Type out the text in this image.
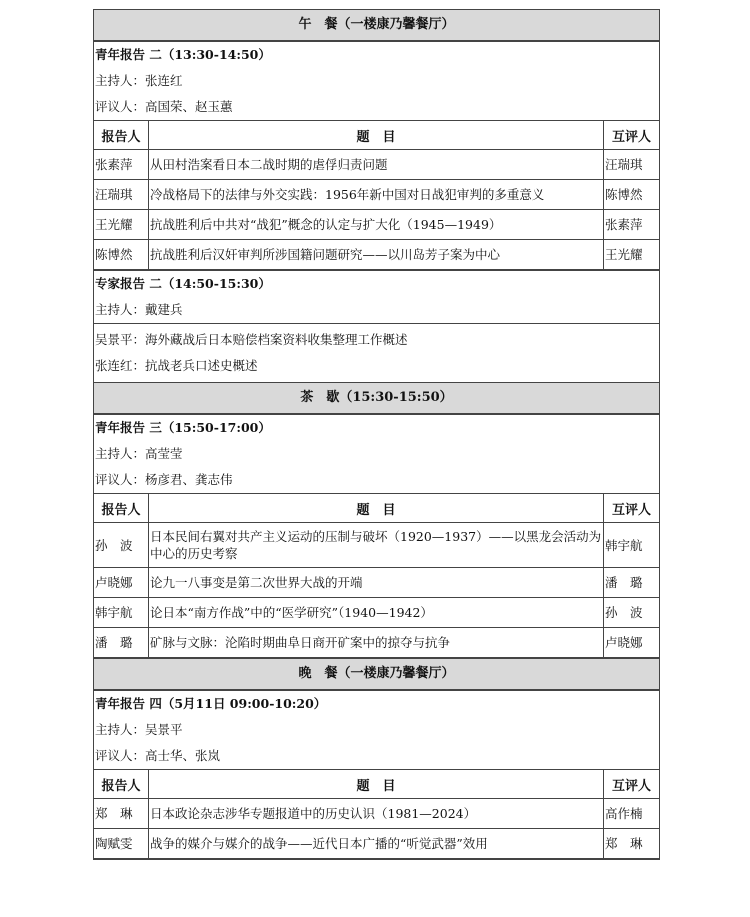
午　餐（一楼康乃馨餐厅）
青年报告 二（13:30-14:50）
主持人：张连红
评议人：高国荣、赵玉蕙
报告人	题　目	互评人
张素萍	从田村浩案看日本二战时期的虐俘归责问题	汪瑞琪
汪瑞琪	冷战格局下的法律与外交实践：1956年新中国对日战犯审判的多重意义	陈博然
王光耀	抗战胜利后中共对“战犯”概念的认定与扩大化（1945—1949）	张素萍
陈博然	抗战胜利后汉奸审判所涉国籍问题研究——以川岛芳子案为中心	王光耀
专家报告 二（14:50-15:30）
主持人：戴建兵
吴景平：海外藏战后日本赔偿档案资料收集整理工作概述
张连红：抗战老兵口述史概述
茶　歇（15:30-15:50）
青年报告 三（15:50-17:00）
主持人：高莹莹
评议人：杨彦君、龚志伟
报告人	题　目	互评人
孙　波	日本民间右翼对共产主义运动的压制与破坏（1920—1937）——以黑龙会活动为中心的历史考察	韩宇航
卢晓娜	论九一八事变是第二次世界大战的开端	潘　璐
韩宇航	论日本“南方作战”中的“医学研究”（1940—1942）	孙　波
潘　璐	矿脉与文脉：沦陷时期曲阜日商开矿案中的掠夺与抗争	卢晓娜
晚　餐（一楼康乃馨餐厅）
青年报告 四（5月11日 09:00-10:20）
主持人：吴景平
评议人：高士华、张岚
报告人	题　目	互评人
郑　琳	日本政论杂志涉华专题报道中的历史认识（1981—2024）	高作楠
陶赋雯	战争的媒介与媒介的战争——近代日本广播的“听觉武器”效用	郑　琳
